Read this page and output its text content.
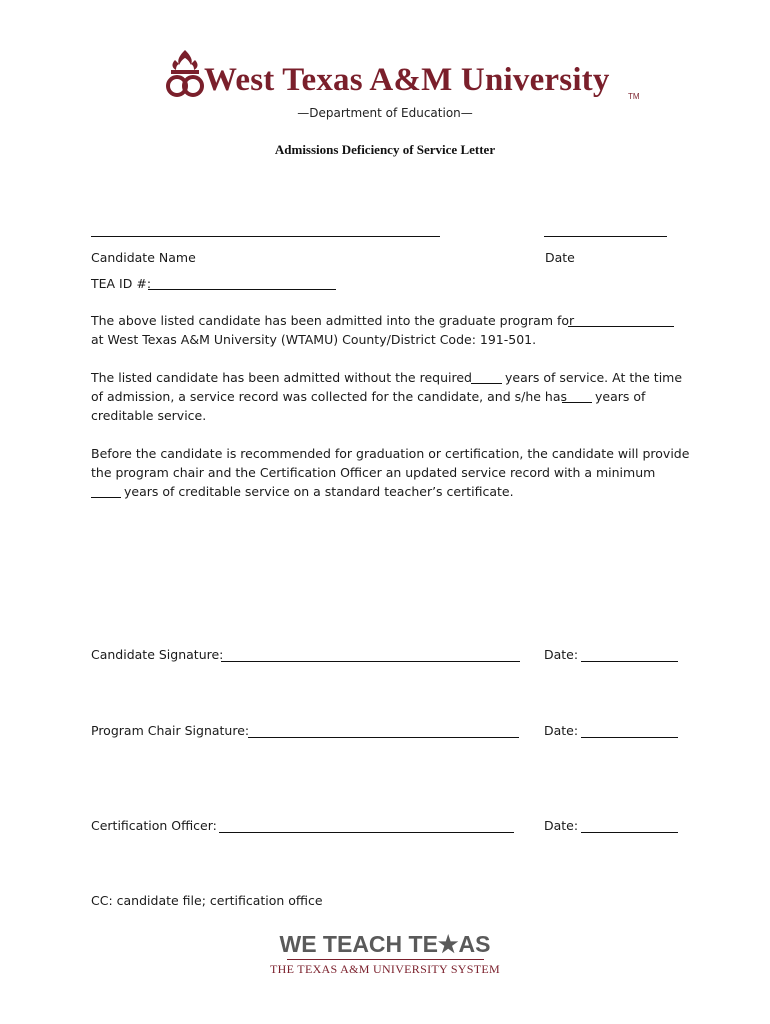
West Texas A&M University TM
—Department of Education—
Admissions Deficiency of Service Letter
Candidate Name	Date
TEA ID #:
The above listed candidate has been admitted into the graduate program for
at West Texas A&M University (WTAMU) County/District Code: 191-501.
The listed candidate has been admitted without the required	years of service. At the time
of admission, a service record was collected for the candidate, and s/he has years of
creditable service.
Before the candidate is recommended for graduation or certification, the candidate will provide
the program chair and the Certification Officer an updated service record with a minimum
years of creditable service on a standard teacher’s certificate.
Candidate Signature:	Date:
Program Chair Signature:	Date:
Certification Officer:	Date:
CC: candidate file; certification office
WE TEACH TE★AS
THE TEXAS A&M UNIVERSITY SYSTEM
